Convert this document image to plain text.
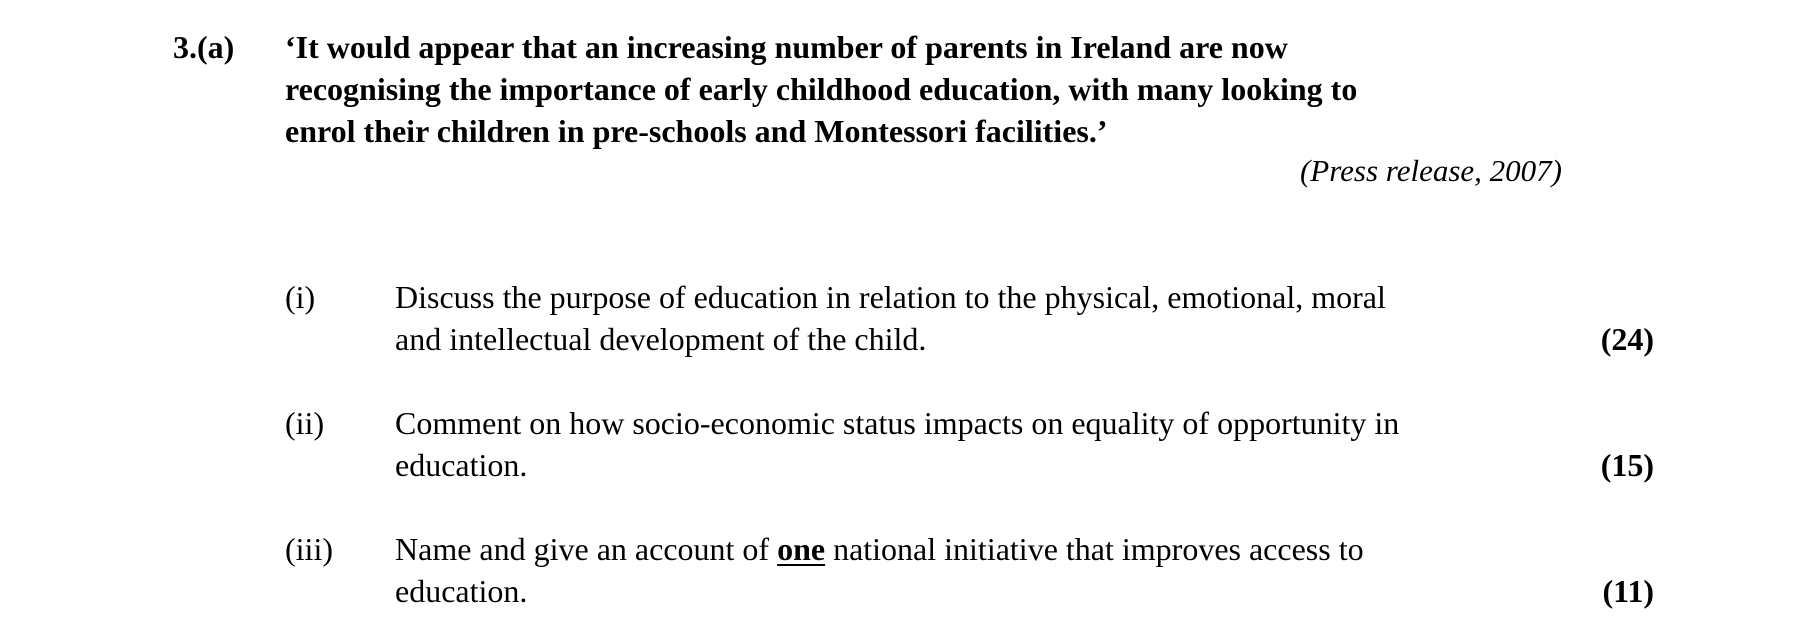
3.(a) ‘It would appear that an increasing number of parents in Ireland are now
recognising the importance of early childhood education, with many looking to
enrol their children in pre-schools and Montessori facilities.’
(Press release, 2007)
(i) Discuss the purpose of education in relation to the physical, emotional, moral
and intellectual development of the child.	(24)
(ii) Comment on how socio-economic status impacts on equality of opportunity in
education.	(15)
(iii) Name and give an account of one national initiative that improves access to
education.	(11)
